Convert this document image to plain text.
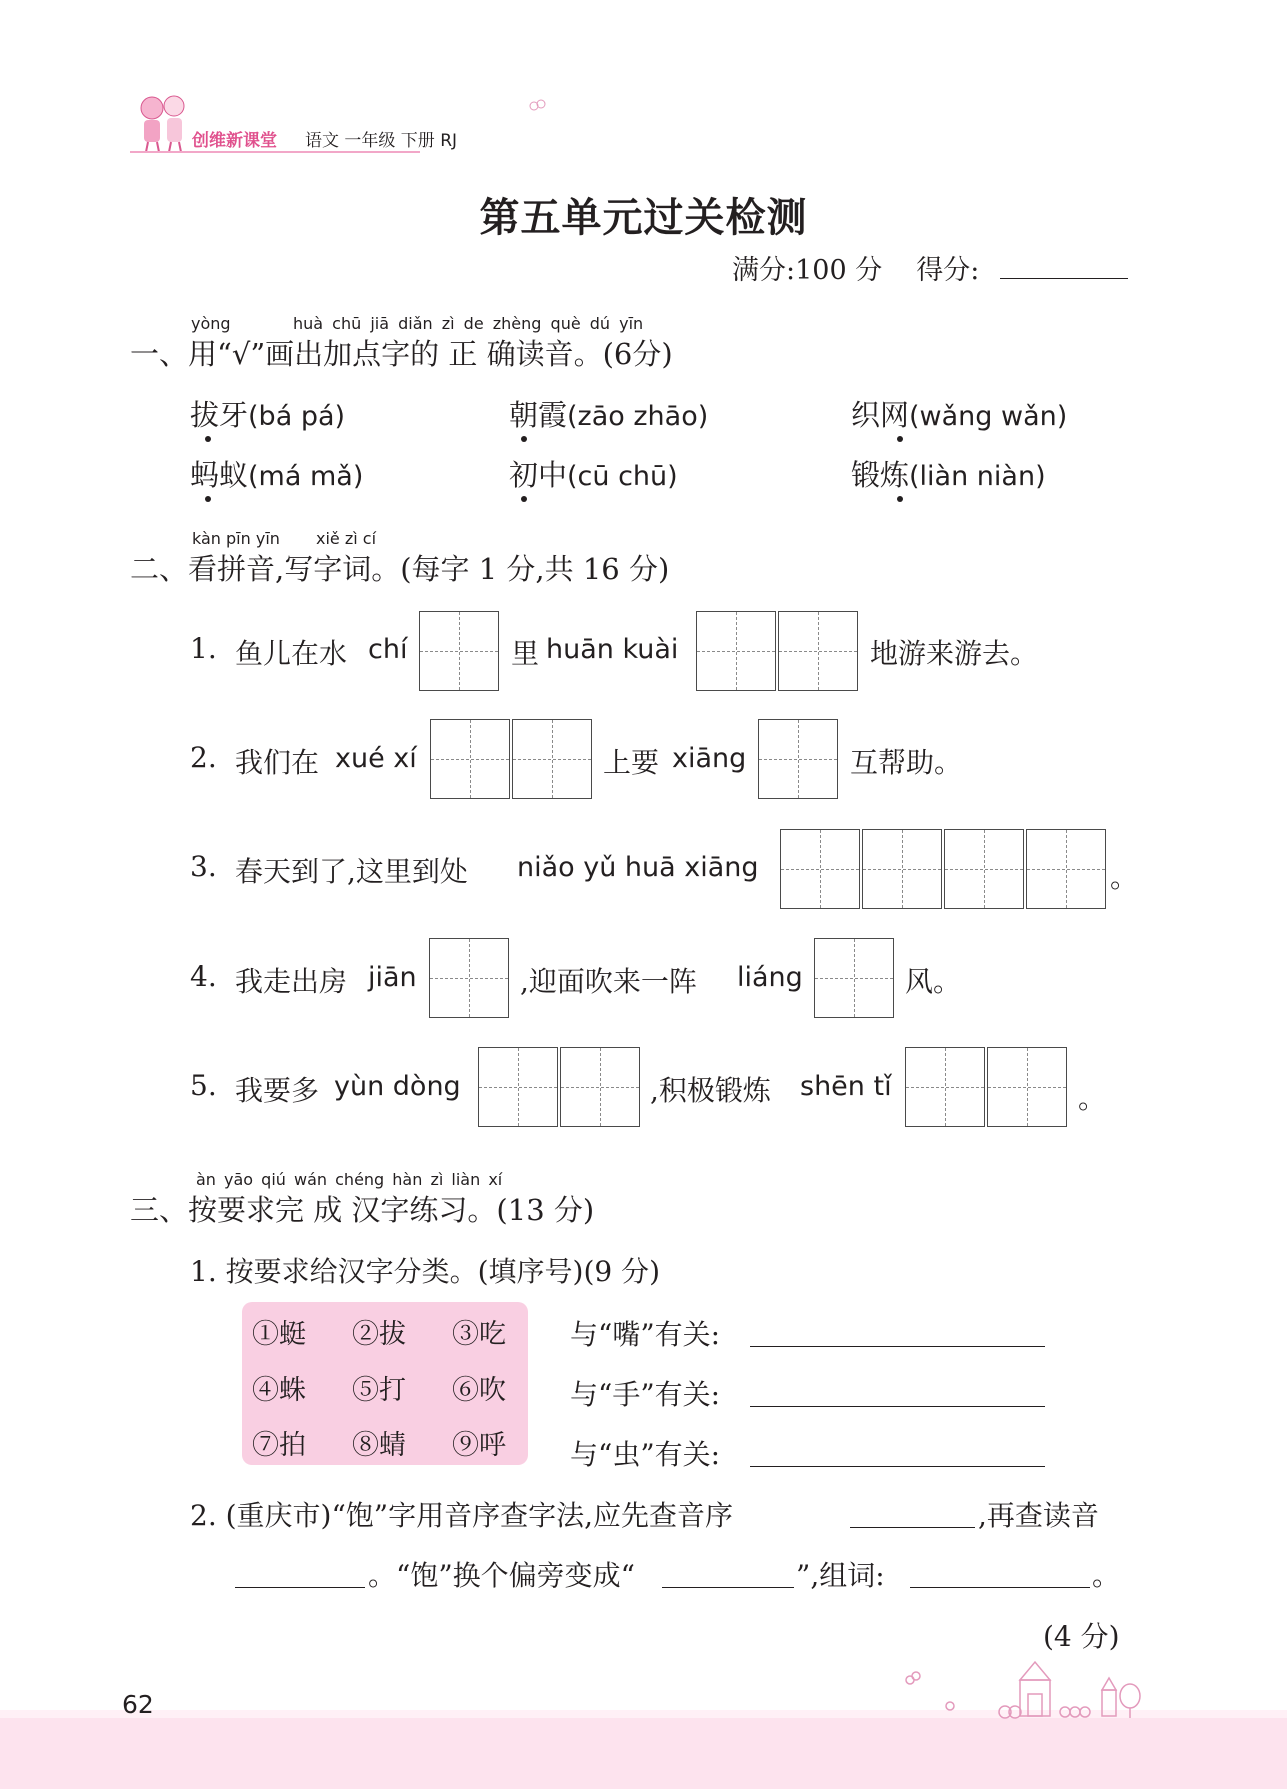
创维新课堂 语文 一年级 下册 RJ
第五单元过关检测
满分:100 分 得分:
yòng	huà chū jiā diǎn zì de zhèng què dú yīn
一、用“√”画出加点字的 正 确读音。(6分)
拔牙(bá pá)	朝霞(zāo zhāo)	织网(wǎng wǎn)
蚂蚁(má mǎ)	初中(cū chū)	锻炼(liàn niàn)
kàn pīn yīn xiě zì cí
二、看拼音,写字词。(每字 1 分,共 16 分)
1. 鱼儿在水 chí	里 huān kuài	地游来游去。
2. 我们在 xué xí	上要 xiāng	互帮助。
3. 春天到了,这里到处 niǎo yǔ huā xiāng	。
4. 我走出房 jiān	,迎面吹来一阵 liáng	风。
5. 我要多 yùn dòng	,积极锻炼 shēn tǐ	。
àn yāo qiú wán chéng hàn zì liàn xí
三、按要求完 成 汉字练习。(13 分)
1. 按要求给汉字分类。(填序号)(9 分)
①蜓 ②拔 ③吃
④蛛 ⑤打 ⑥吹
⑦拍 ⑧蜻 ⑨呼
与“嘴”有关:
与“手”有关:
与“虫”有关:
2. (重庆市)“饱”字用音序查字法,应先查音序	,再查读音
。“饱”换个偏旁变成“	”,组词:	。
(4 分)
62
